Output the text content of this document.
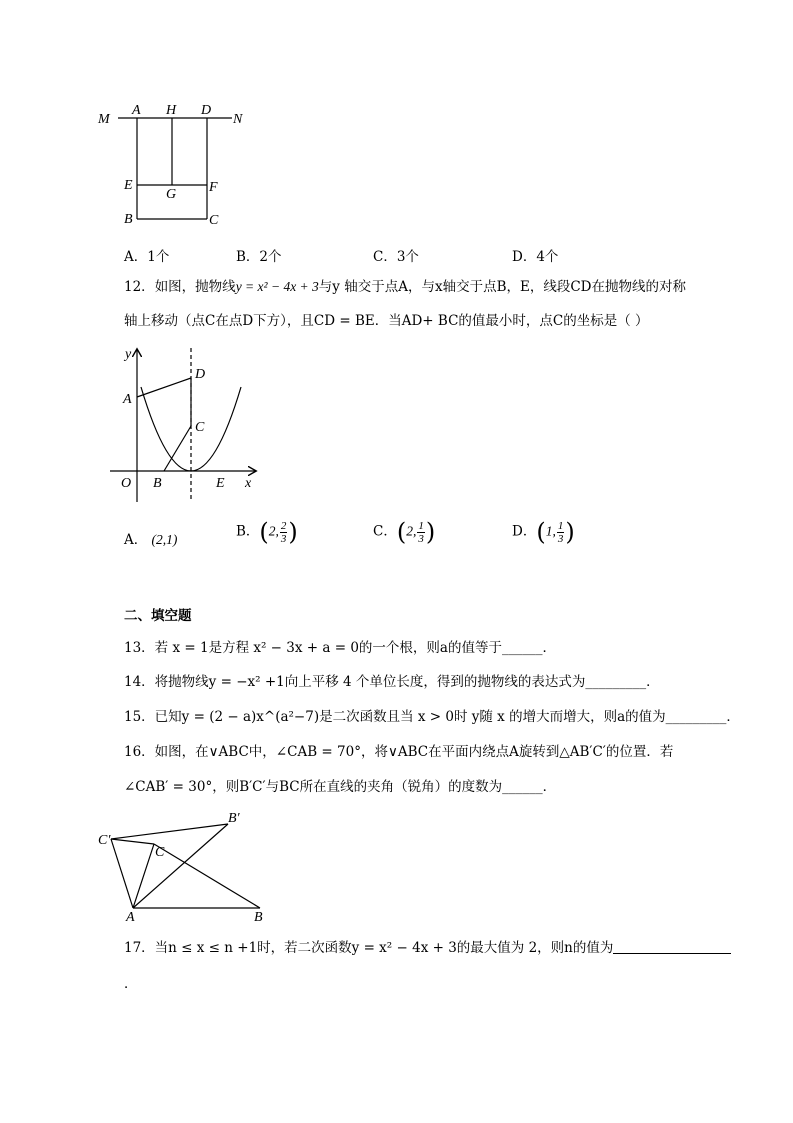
M
A H D
N
E
G F
B	C
A．1个	B．2个	C．3个	D．4个
12．如图，抛物线y = x² − 4x + 3与y 轴交于点A，与x轴交于点B，E，线段CD在抛物线的对称
轴上移动（点C在点D下方），且CD = BE．当AD+ BC的值最小时，点C的坐标是（ ）
y
D
A
C
O B	E x
A． (2,1)	B．(2, $\frac{2}{3}$ )	C．(2, $\frac{1}{3}$ )	D．(1, $\frac{1}{3}$ )
二、填空题
13．若 x = 1是方程 x² − 3x + a = 0的一个根，则a的值等于______．
14．将抛物线y = −x² +1向上平移 4 个单位长度，得到的抛物线的表达式为_________．
15．已知y = (2 − a)x^(a²−7)是二次函数且当 x > 0时 y随 x 的增大而增大，则a的值为_________．
16．如图，在∨ABC中，∠CAB = 70°，将∨ABC在平面内绕点A旋转到△AB′C′的位置．若
∠CAB′ = 30°，则B′C′与BC所在直线的夹角（锐角）的度数为______．
C′
B′
C
A	B
17．当n ≤ x ≤ n +1时，若二次函数y = x² − 4x + 3的最大值为 2，则n的值为
．
